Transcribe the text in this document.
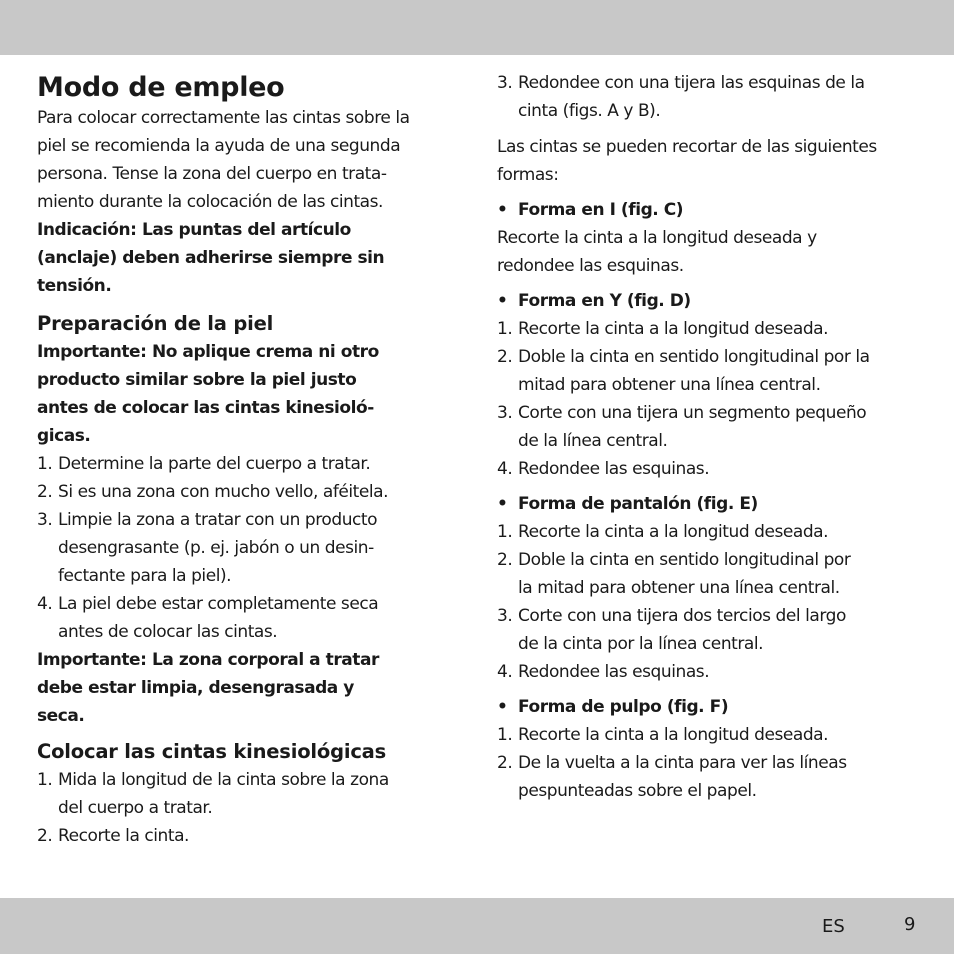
ES	9
Modo de empleo
Para colocar correctamente las cintas sobre la
piel se recomienda la ayuda de una segunda
persona. Tense la zona del cuerpo en trata-
miento durante la colocación de las cintas.
Indicación: Las puntas del artículo
(anclaje) deben adherirse siempre sin
tensión.
Preparación de la piel
Importante: No aplique crema ni otro
producto similar sobre la piel justo
antes de colocar las cintas kinesioló-
gicas.
1. Determine la parte del cuerpo a tratar.
2. Si es una zona con mucho vello, aféitela.
3. Limpie la zona a tratar con un producto
desengrasante (p. ej. jabón o un desin-
fectante para la piel).
4. La piel debe estar completamente seca
antes de colocar las cintas.
Importante: La zona corporal a tratar
debe estar limpia, desengrasada y
seca.
Colocar las cintas kinesiológicas
1. Mida la longitud de la cinta sobre la zona
del cuerpo a tratar.
2. Recorte la cinta.
3. Redondee con una tijera las esquinas de la
cinta (figs. A y B).
Las cintas se pueden recortar de las siguientes
formas:
• Forma en I (fig. C)
Recorte la cinta a la longitud deseada y
redondee las esquinas.
• Forma en Y (fig. D)
1. Recorte la cinta a la longitud deseada.
2. Doble la cinta en sentido longitudinal por la
mitad para obtener una línea central.
3. Corte con una tijera un segmento pequeño
de la línea central.
4. Redondee las esquinas.
• Forma de pantalón (fig. E)
1. Recorte la cinta a la longitud deseada.
2. Doble la cinta en sentido longitudinal por
la mitad para obtener una línea central.
3. Corte con una tijera dos tercios del largo
de la cinta por la línea central.
4. Redondee las esquinas.
• Forma de pulpo (fig. F)
1. Recorte la cinta a la longitud deseada.
2. De la vuelta a la cinta para ver las líneas
pespunteadas sobre el papel.
